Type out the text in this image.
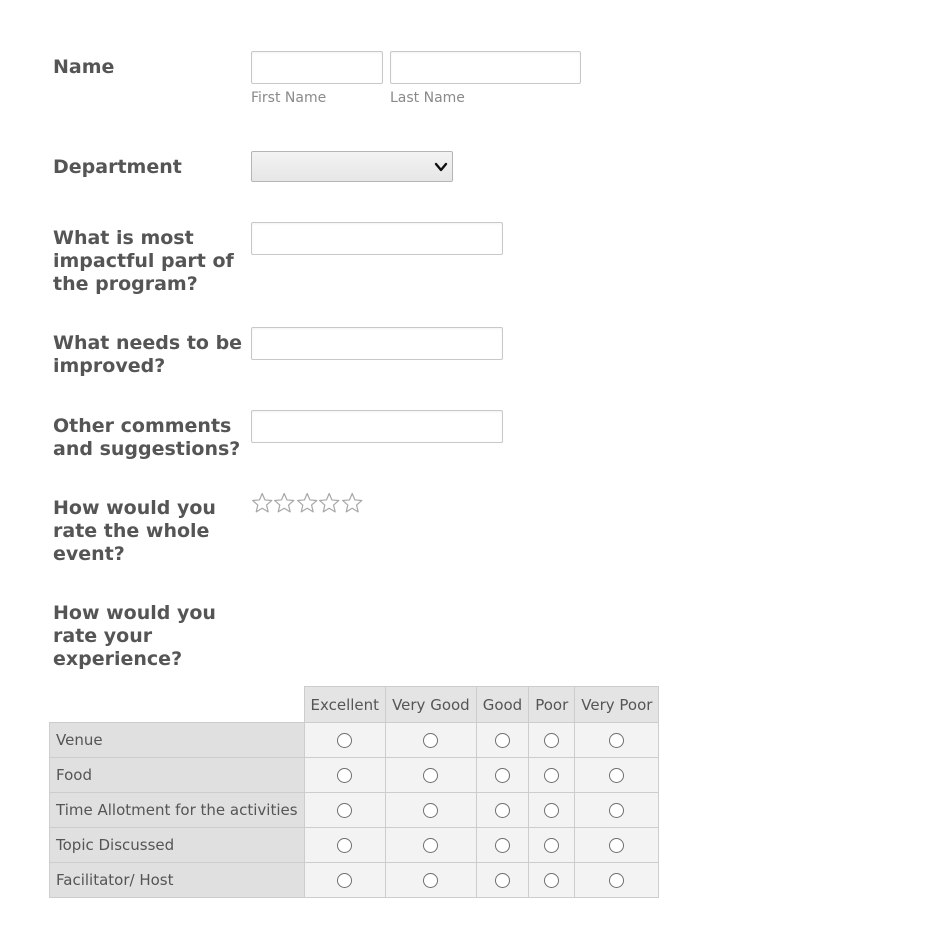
Name
First Name	Last Name
Department
What is most impactful part of the program?
What needs to be improved?
Other comments and suggestions?
How would you rate the whole event?
How would you rate your experience?
	Excellent	Very Good	Good	Poor	Very Poor
Venue					
Food					
Time Allotment for the activities					
Topic Discussed					
Facilitator/ Host					
